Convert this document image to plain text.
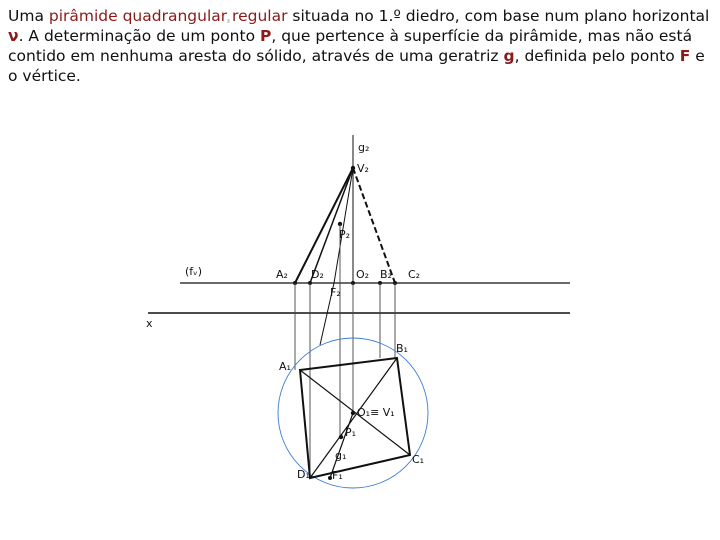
Uma pirâmide quadrangular regular situada no 1.º diedro, com base num plano horizontal ν. A determinação de um ponto P, que pertence à superfície da pirâmide, mas não está contido em nenhuma aresta do sólido, através de uma geratriz g, definida pelo ponto F e o vértice.

g₂
V₂
P₂
(fᵥ)	A₂ D₂	O₂ B₂ C₂
F₂
x
B₁
A₁
O₁≡ V₁
P₁
g₁	C₁
D₁ F₁
